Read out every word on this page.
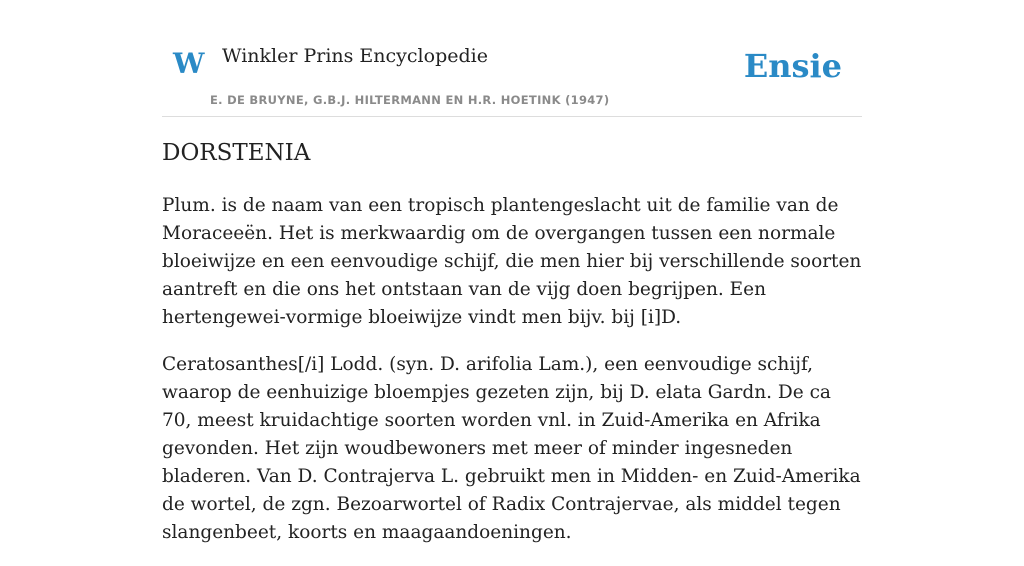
W Winkler Prins Encyclopedie
E. DE BRUYNE, G.B.J. HILTERMANN EN H.R. HOETINK (1947)
Ensie
DORSTENIA

Plum. is de naam van een tropisch plantengeslacht uit de familie van de Moraceeën. Het is merkwaardig om de overgangen tussen een normale bloeiwijze en een eenvoudige schijf, die men hier bij verschillende soorten aantreft en die ons het ontstaan van de vijg doen begrijpen. Een hertengewei-vormige bloeiwijze vindt men bijv. bij [i]D.

Ceratosanthes[/i] Lodd. (syn. D. arifolia Lam.), een eenvoudige schijf, waarop de eenhuizige bloempjes gezeten zijn, bij D. elata Gardn. De ca 70, meest kruidachtige soorten worden vnl. in Zuid-Amerika en Afrika gevonden. Het zijn woudbewoners met meer of minder ingesneden bladeren. Van D. Contrajerva L. gebruikt men in Midden- en Zuid-Amerika de wortel, de zgn. Bezoarwortel of Radix Contrajervae, als middel tegen slangenbeet, koorts en maagaandoeningen.
